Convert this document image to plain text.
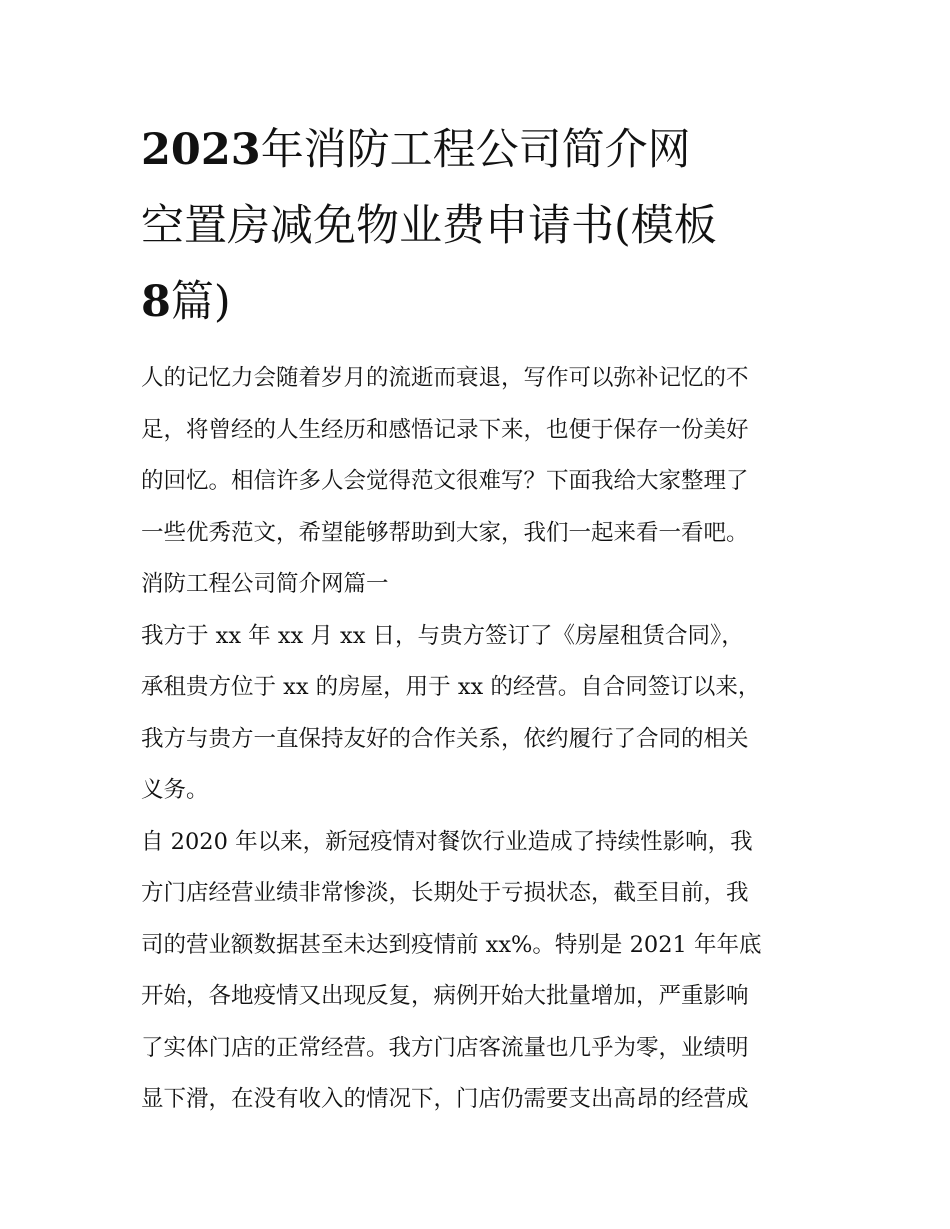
2023年消防工程公司简介网
空置房减免物业费申请书(模板
8篇)

人的记忆力会随着岁月的流逝而衰退，写作可以弥补记忆的不
足，将曾经的人生经历和感悟记录下来，也便于保存一份美好
的回忆。相信许多人会觉得范文很难写？下面我给大家整理了
一些优秀范文，希望能够帮助到大家，我们一起来看一看吧。

消防工程公司简介网篇一

我方于 xx 年 xx 月 xx 日，与贵方签订了《房屋租赁合同》，
承租贵方位于 xx 的房屋，用于 xx 的经营。自合同签订以来，
我方与贵方一直保持友好的合作关系，依约履行了合同的相关
义务。

自 2020 年以来，新冠疫情对餐饮行业造成了持续性影响，我
方门店经营业绩非常惨淡，长期处于亏损状态，截至目前，我
司的营业额数据甚至未达到疫情前 xx%。特别是 2021 年年底
开始，各地疫情又出现反复，病例开始大批量增加，严重影响
了实体门店的正常经营。我方门店客流量也几乎为零，业绩明
显下滑，在没有收入的情况下，门店仍需要支出高昂的经营成
